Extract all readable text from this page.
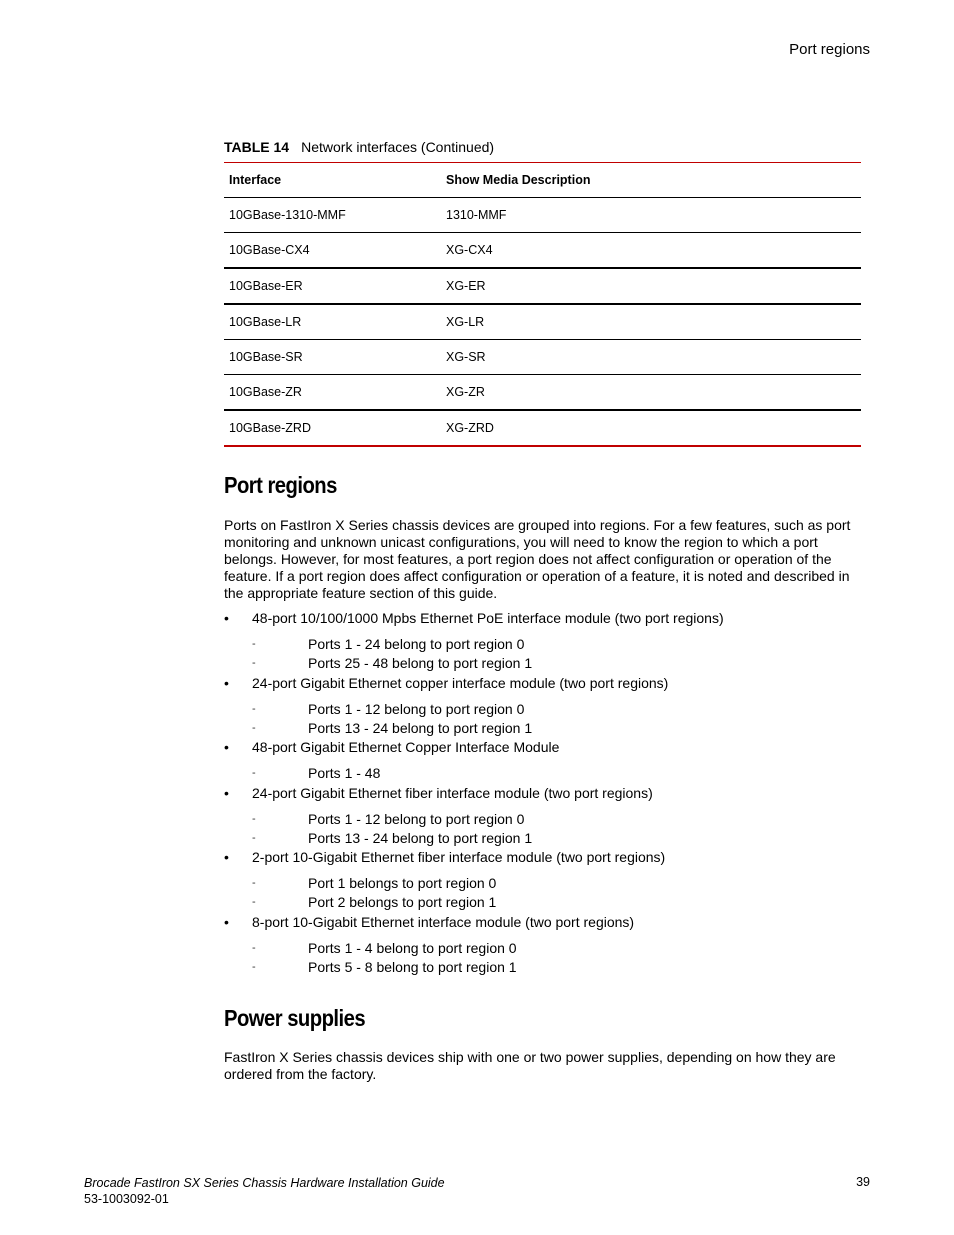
Port regions
TABLE 14 Network interfaces (Continued)
Interface	Show Media Description
10GBase-1310-MMF	1310-MMF
10GBase-CX4	XG-CX4
10GBase-ER	XG-ER
10GBase-LR	XG-LR
10GBase-SR	XG-SR
10GBase-ZR	XG-ZR
10GBase-ZRD	XG-ZRD
Port regions
Ports on FastIron X Series chassis devices are grouped into regions. For a few features, such as port
monitoring and unknown unicast configurations, you will need to know the region to which a port
belongs. However, for most features, a port region does not affect configuration or operation of the
feature. If a port region does affect configuration or operation of a feature, it is noted and described in
the appropriate feature section of this guide.
• 48-port 10/100/1000 Mpbs Ethernet PoE interface module (two port regions)
-	Ports 1 - 24 belong to port region 0
-	Ports 25 - 48 belong to port region 1
• 24-port Gigabit Ethernet copper interface module (two port regions)
-	Ports 1 - 12 belong to port region 0
-	Ports 13 - 24 belong to port region 1
• 48-port Gigabit Ethernet Copper Interface Module
-	Ports 1 - 48
• 24-port Gigabit Ethernet fiber interface module (two port regions)
-	Ports 1 - 12 belong to port region 0
-	Ports 13 - 24 belong to port region 1
• 2-port 10-Gigabit Ethernet fiber interface module (two port regions)
-	Port 1 belongs to port region 0
-	Port 2 belongs to port region 1
• 8-port 10-Gigabit Ethernet interface module (two port regions)
-	Ports 1 - 4 belong to port region 0
-	Ports 5 - 8 belong to port region 1
Power supplies
FastIron X Series chassis devices ship with one or two power supplies, depending on how they are
ordered from the factory.
Brocade FastIron SX Series Chassis Hardware Installation Guide
53-1003092-01
39
